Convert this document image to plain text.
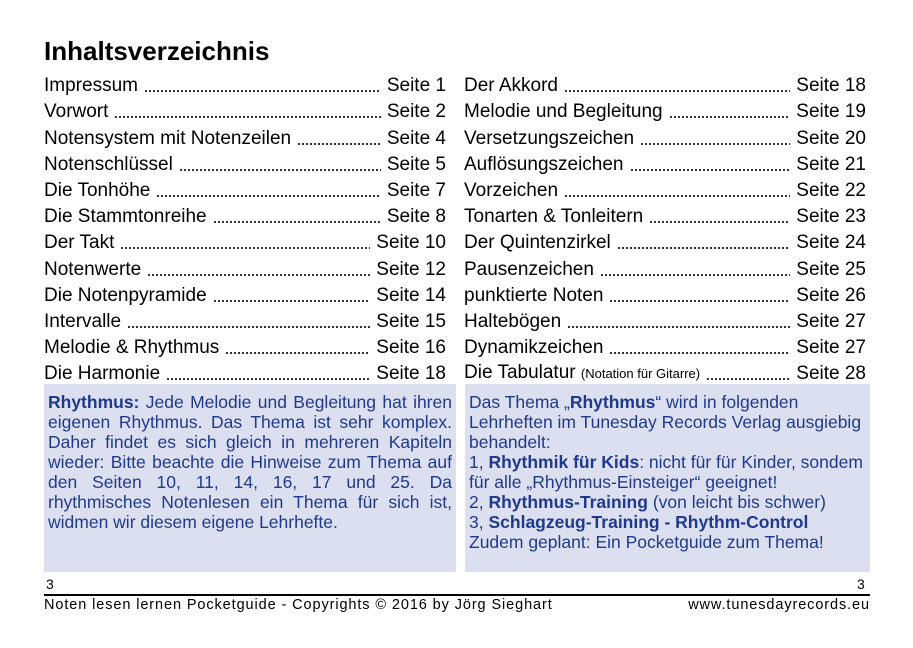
Inhaltsverzeichnis
Impressum	Seite 1
Vorwort	Seite 2
Notensystem mit Notenzeilen	Seite 4
Notenschlüssel	Seite 5
Die Tonhöhe	Seite 7
Die Stammtonreihe	Seite 8
Der Takt	Seite 10
Notenwerte	Seite 12
Die Notenpyramide	Seite 14
Intervalle	Seite 15
Melodie & Rhythmus	Seite 16
Die Harmonie	Seite 18
Der Akkord	Seite 18
Melodie und Begleitung	Seite 19
Versetzungszeichen	Seite 20
Auflösungszeichen	Seite 21
Vorzeichen	Seite 22
Tonarten & Tonleitern	Seite 23
Der Quintenzirkel	Seite 24
Pausenzeichen	Seite 25
punktierte Noten	Seite 26
Haltebögen	Seite 27
Dynamikzeichen	Seite 27
Die Tabulatur (Notation für Gitarre)	Seite 28

Rhythmus: Jede Melodie und Begleitung hat ihren eigenen Rhythmus. Das Thema ist sehr komplex. Daher findet es sich gleich in mehreren Kapiteln wieder: Bitte beachte die Hinweise zum Thema auf den Seiten 10, 11, 14, 16, 17 und 25. Da rhythmisches Notenlesen ein Thema für sich ist, widmen wir diesem eigene Lehrhefte.

Das Thema „Rhythmus“ wird in folgenden Lehrheften im Tunesday Records Verlag ausgiebig behandelt:

1, Rhythmik für Kids: nicht für für Kinder, sondem für alle „Rhythmus-Einsteiger“ geeignet!

2, Rhythmus-Training (von leicht bis schwer)

3, Schlagzeug-Training - Rhythm-Control

Zudem geplant: Ein Pocketguide zum Thema!

3	3
Noten lesen lernen Pocketguide - Copyrights © 2016 by Jörg Sieghart	www.tunesdayrecords.eu
